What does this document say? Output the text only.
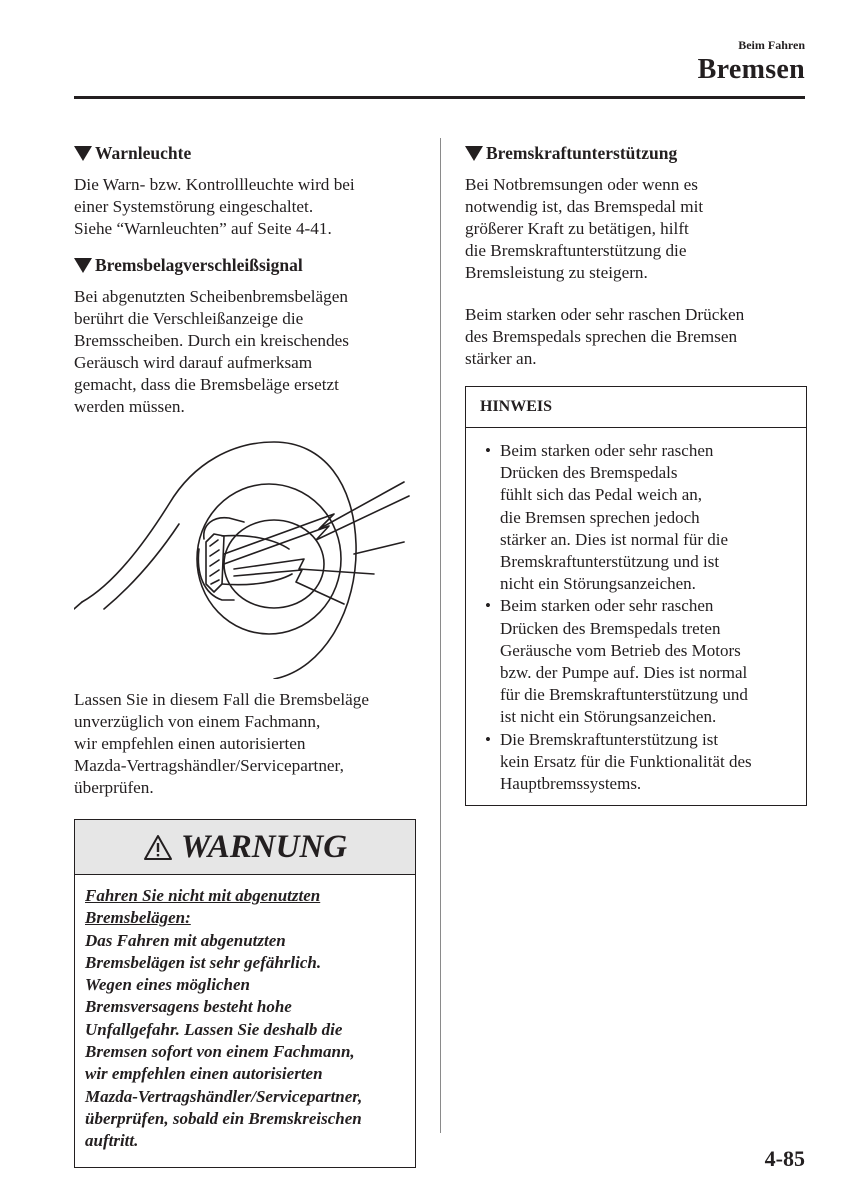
Beim Fahren
Bremsen
Warnleuchte

Die Warn- bzw. Kontrollleuchte wird bei
einer Systemstörung eingeschaltet.
Siehe “Warnleuchten” auf Seite 4-41.

Bremsbelagverschleißsignal

Bei abgenutzten Scheibenbremsbelägen
berührt die Verschleißanzeige die
Bremsscheiben. Durch ein kreischendes
Geräusch wird darauf aufmerksam
gemacht, dass die Bremsbeläge ersetzt
werden müssen.

Lassen Sie in diesem Fall die Bremsbeläge
unverzüglich von einem Fachmann,
wir empfehlen einen autorisierten
Mazda-Vertragshändler/Servicepartner,
überprüfen.

WARNUNG
Fahren Sie nicht mit abgenutzten
Bremsbelägen:
Das Fahren mit abgenutzten
Bremsbelägen ist sehr gefährlich.
Wegen eines möglichen
Bremsversagens besteht hohe
Unfallgefahr. Lassen Sie deshalb die
Bremsen sofort von einem Fachmann,
wir empfehlen einen autorisierten
Mazda-Vertragshändler/Servicepartner,
überprüfen, sobald ein Bremskreischen
auftritt.
Bremskraftunterstützung

Bei Notbremsungen oder wenn es
notwendig ist, das Bremspedal mit
größerer Kraft zu betätigen, hilft
die Bremskraftunterstützung die
Bremsleistung zu steigern.

Beim starken oder sehr raschen Drücken
des Bremspedals sprechen die Bremsen
stärker an.

HINWEIS
• Beim starken oder sehr raschen
Drücken des Bremspedals
fühlt sich das Pedal weich an,
die Bremsen sprechen jedoch
stärker an. Dies ist normal für die
Bremskraftunterstützung und ist
nicht ein Störungsanzeichen.
• Beim starken oder sehr raschen
Drücken des Bremspedals treten
Geräusche vom Betrieb des Motors
bzw. der Pumpe auf. Dies ist normal
für die Bremskraftunterstützung und
ist nicht ein Störungsanzeichen.
• Die Bremskraftunterstützung ist
kein Ersatz für die Funktionalität des
Hauptbremssystems.
4-85
